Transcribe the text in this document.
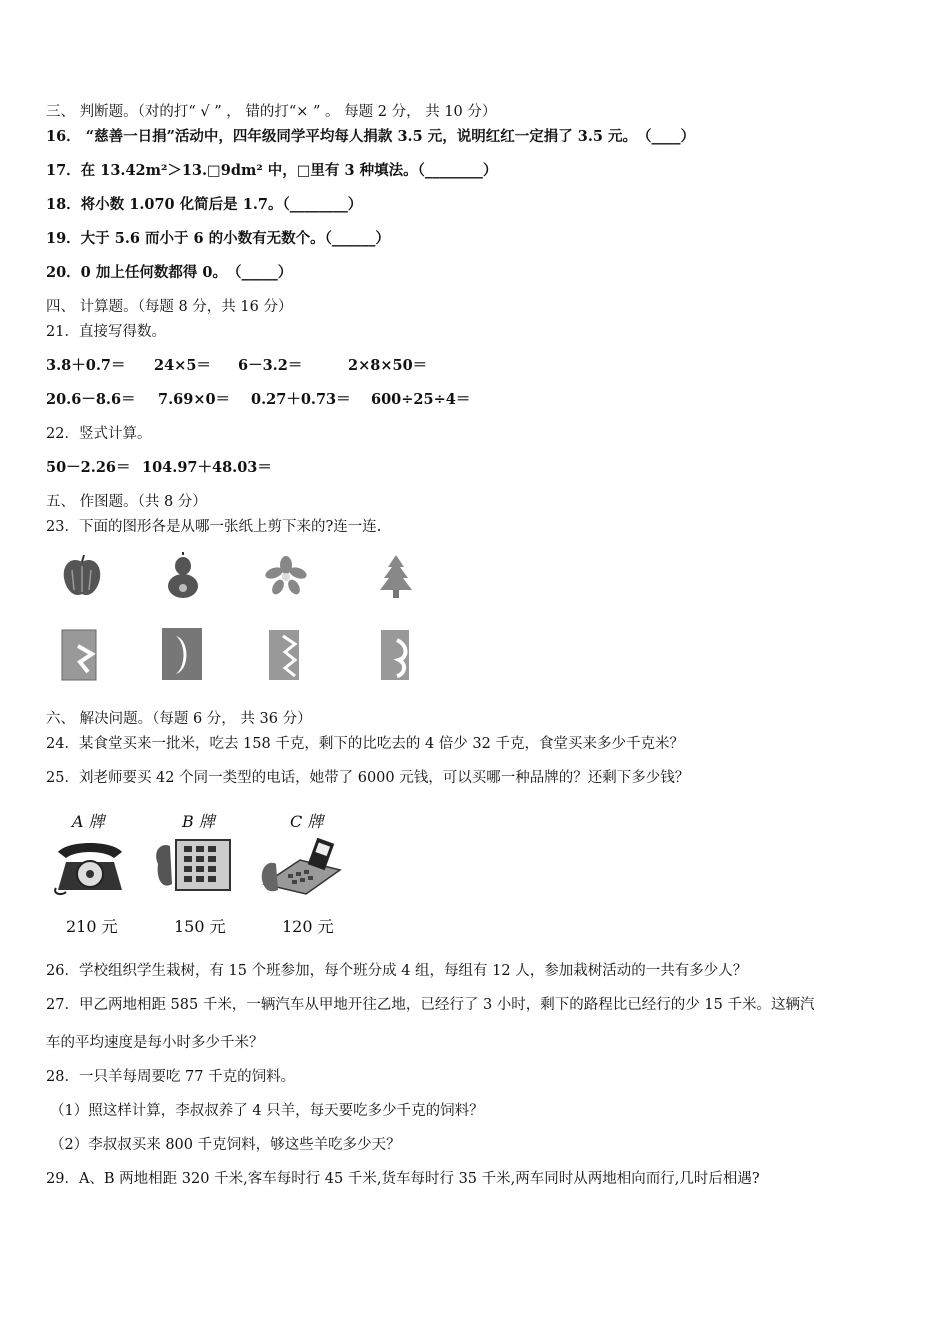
三、 判断题。（对的打“ √ ” ， 错的打“× ” 。 每题 2 分， 共 10 分）
16． “慈善一日捐”活动中，四年级同学平均每人捐款 3.5 元，说明红红一定捐了 3.5 元。　（____）
17．在 13.42m²＞13.□9dm² 中，□里有 3 种填法。（________）
18．将小数 1.070 化简后是 1.7。（________）
19．大于 5.6 而小于 6 的小数有无数个。（______）
20．0 加上任何数都得 0。　（_____）
四、 计算题。（每题 8 分，共 16 分）
21．直接写得数。
3.8＋0.7＝ 24×5＝ 6－3.2＝	2×8×50＝
20.6－8.6＝ 7.69×0＝ 0.27＋0.73＝ 600÷25÷4＝
22．竖式计算。
50－2.26＝ 104.97＋48.03＝
五、 作图题。（共 8 分）
23．下面的图形各是从哪一张纸上剪下来的?连一连.
六、 解决问题。（每题 6 分， 共 36 分）
24．某食堂买来一批米，吃去 158 千克，剩下的比吃去的 4 倍少 32 千克，食堂买来多少千克米？
25．刘老师要买 42 个同一类型的电话，她带了 6000 元钱，可以买哪一种品牌的？还剩下多少钱？
A 牌	B 牌	C 牌
210 元	150 元	120 元
26．学校组织学生栽树，有 15 个班参加，每个班分成 4 组，每组有 12 人，参加栽树活动的一共有多少人？
27．甲乙两地相距 585 千米，一辆汽车从甲地开往乙地，已经行了 3 小时，剩下的路程比已经行的少 15 千米。这辆汽
车的平均速度是每小时多少千米？
28．一只羊每周要吃 77 千克的饲料。
（1）照这样计算，李叔叔养了 4 只羊，每天要吃多少千克的饲料？
（2）李叔叔买来 800 千克饲料，够这些羊吃多少天？
29．A、B 两地相距 320 千米,客车每时行 45 千米,货车每时行 35 千米,两车同时从两地相向而行,几时后相遇?
